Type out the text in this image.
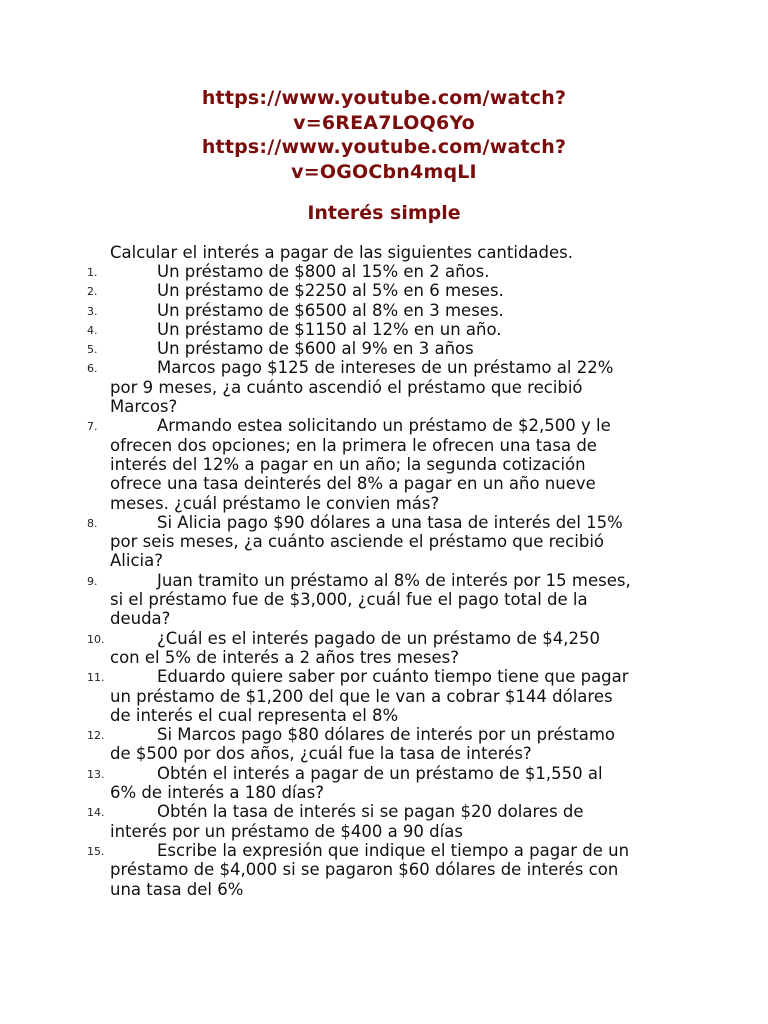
https://www.youtube.com/watch?
v=6REA7LOQ6Yo
https://www.youtube.com/watch?
v=OGOCbn4mqLI
Interés simple
Calcular el interés a pagar de las siguientes cantidades.
1.	Un préstamo de $800 al 15% en 2 años.
2.	Un préstamo de $2250 al 5% en 6 meses.
3.	Un préstamo de $6500 al 8% en 3 meses.
4.	Un préstamo de $1150 al 12% en un año.
5.	Un préstamo de $600 al 9% en 3 años
6.	Marcos pago $125 de intereses de un préstamo al 22%
por 9 meses, ¿a cuánto ascendió el préstamo que recibió
Marcos?
7.	Armando estea solicitando un préstamo de $2,500 y le
ofrecen dos opciones; en la primera le ofrecen una tasa de
interés del 12% a pagar en un año; la segunda cotización
ofrece una tasa deinterés del 8% a pagar en un año nueve
meses. ¿cuál préstamo le convien más?
8.	Si Alicia pago $90 dólares a una tasa de interés del 15%
por seis meses, ¿a cuánto asciende el préstamo que recibió
Alicia?
9.	Juan tramito un préstamo al 8% de interés por 15 meses,
si el préstamo fue de $3,000, ¿cuál fue el pago total de la
deuda?
10.	¿Cuál es el interés pagado de un préstamo de $4,250
con el 5% de interés a 2 años tres meses?
11.	Eduardo quiere saber por cuánto tiempo tiene que pagar
un préstamo de $1,200 del que le van a cobrar $144 dólares
de interés el cual representa el 8%
12.	Si Marcos pago $80 dólares de interés por un préstamo
de $500 por dos años, ¿cuál fue la tasa de interés?
13.	Obtén el interés a pagar de un préstamo de $1,550 al
6% de interés a 180 días?
14.	Obtén la tasa de interés si se pagan $20 dolares de
interés por un préstamo de $400 a 90 días
15.	Escribe la expresión que indique el tiempo a pagar de un
préstamo de $4,000 si se pagaron $60 dólares de interés con
una tasa del 6%
